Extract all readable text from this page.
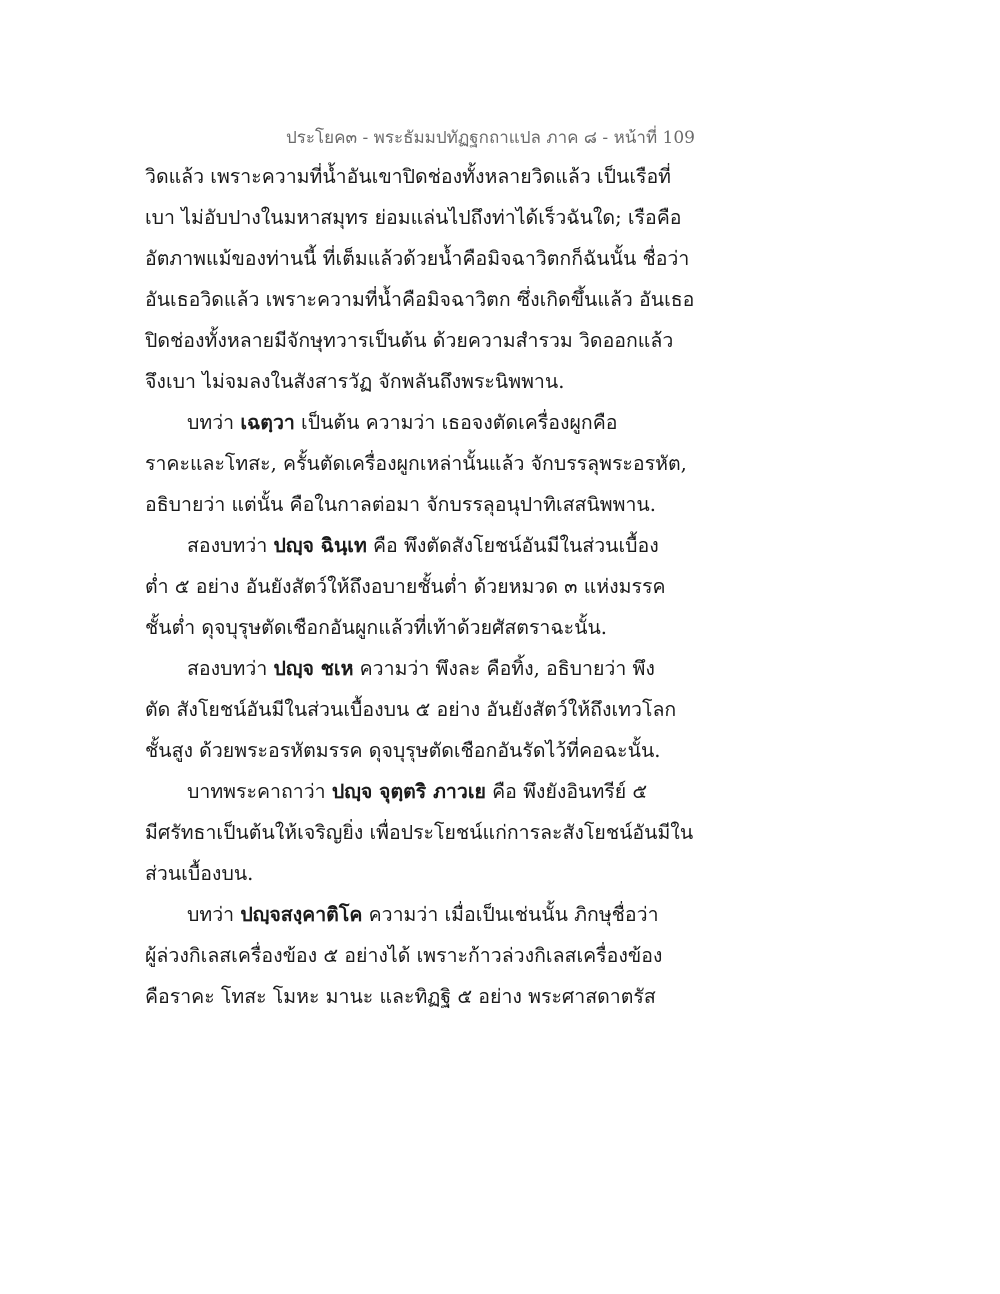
ประโยค๓ - พระธัมมปทัฏฐกถาแปล ภาค ๘ - หน้าที่ 109
วิดแล้ว เพราะความที่น้ำอันเขาปิดช่องทั้งหลายวิดแล้ว เป็นเรือที่
เบา ไม่อับปางในมหาสมุทร ย่อมแล่นไปถึงท่าได้เร็วฉันใด; เรือคือ
อัตภาพแม้ของท่านนี้ ที่เต็มแล้วด้วยน้ำคือมิจฉาวิตกก็ฉันนั้น ชื่อว่า
อันเธอวิดแล้ว เพราะความที่น้ำคือมิจฉาวิตก ซึ่งเกิดขึ้นแล้ว อันเธอ
ปิดช่องทั้งหลายมีจักษุทวารเป็นต้น ด้วยความสำรวม วิดออกแล้ว
จึงเบา ไม่จมลงในสังสารวัฏ จักพลันถึงพระนิพพาน.
บทว่า เฉตฺวา เป็นต้น ความว่า เธอจงตัดเครื่องผูกคือ
ราคะและโทสะ, ครั้นตัดเครื่องผูกเหล่านั้นแล้ว จักบรรลุพระอรหัต,
อธิบายว่า แต่นั้น คือในกาลต่อมา จักบรรลุอนุปาทิเสสนิพพาน.
สองบทว่า ปญฺจ ฉินฺเท คือ พึงตัดสังโยชน์อันมีในส่วนเบื้อง
ต่ำ ๕ อย่าง อันยังสัตว์ให้ถึงอบายชั้นต่ำ ด้วยหมวด ๓ แห่งมรรค
ชั้นต่ำ ดุจบุรุษตัดเชือกอันผูกแล้วที่เท้าด้วยศัสตราฉะนั้น.
สองบทว่า ปญฺจ ชเห ความว่า พึงละ คือทิ้ง, อธิบายว่า พึง
ตัด สังโยชน์อันมีในส่วนเบื้องบน ๕ อย่าง อันยังสัตว์ให้ถึงเทวโลก
ชั้นสูง ด้วยพระอรหัตมรรค ดุจบุรุษตัดเชือกอันรัดไว้ที่คอฉะนั้น.
บาทพระคาถาว่า ปญฺจ จุตฺตริ ภาวเย คือ พึงยังอินทรีย์ ๕
มีศรัทธาเป็นต้นให้เจริญยิ่ง เพื่อประโยชน์แก่การละสังโยชน์อันมีใน
ส่วนเบื้องบน.
บทว่า ปญฺจสงฺคาติโค ความว่า เมื่อเป็นเช่นนั้น ภิกษุชื่อว่า
ผู้ล่วงกิเลสเครื่องข้อง ๕ อย่างได้ เพราะก้าวล่วงกิเลสเครื่องข้อง
คือราคะ โทสะ โมหะ มานะ และทิฏฐิ ๕ อย่าง พระศาสดาตรัส
